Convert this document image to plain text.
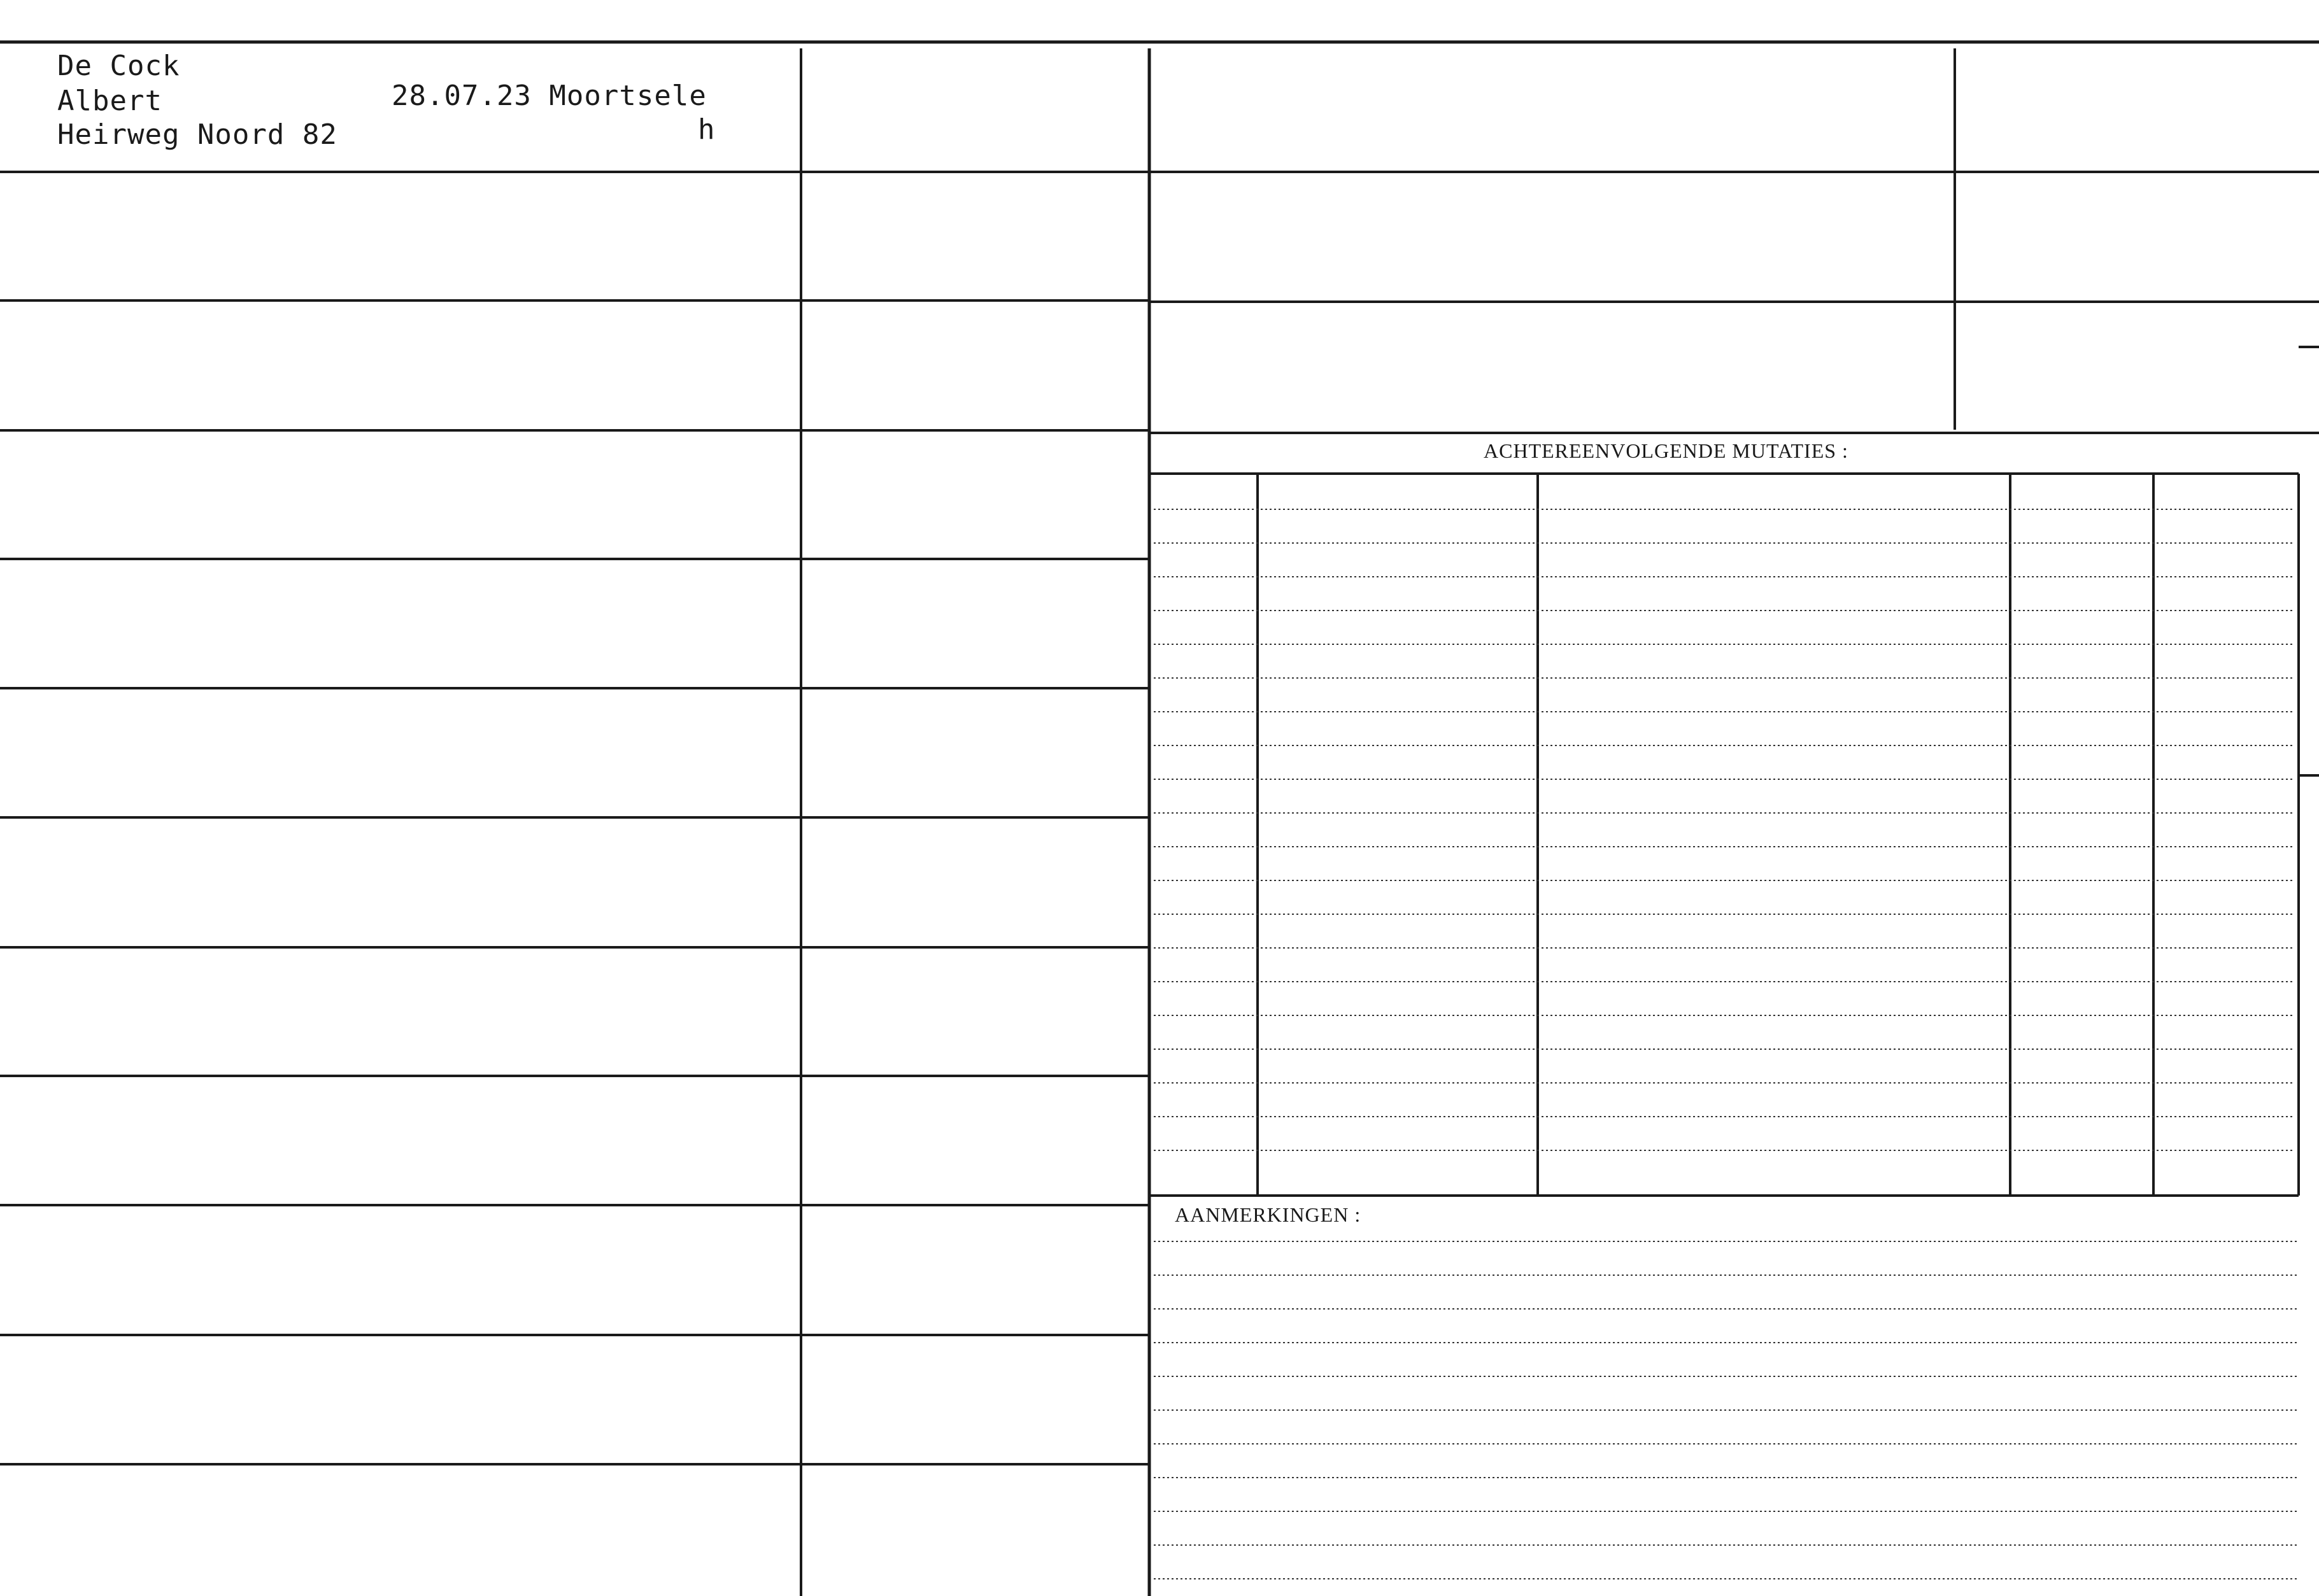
De Cock
Albert
Heirweg Noord 82
28.07.23 Moortsele
h
ACHTEREENVOLGENDE MUTATIES :
AANMERKINGEN :
